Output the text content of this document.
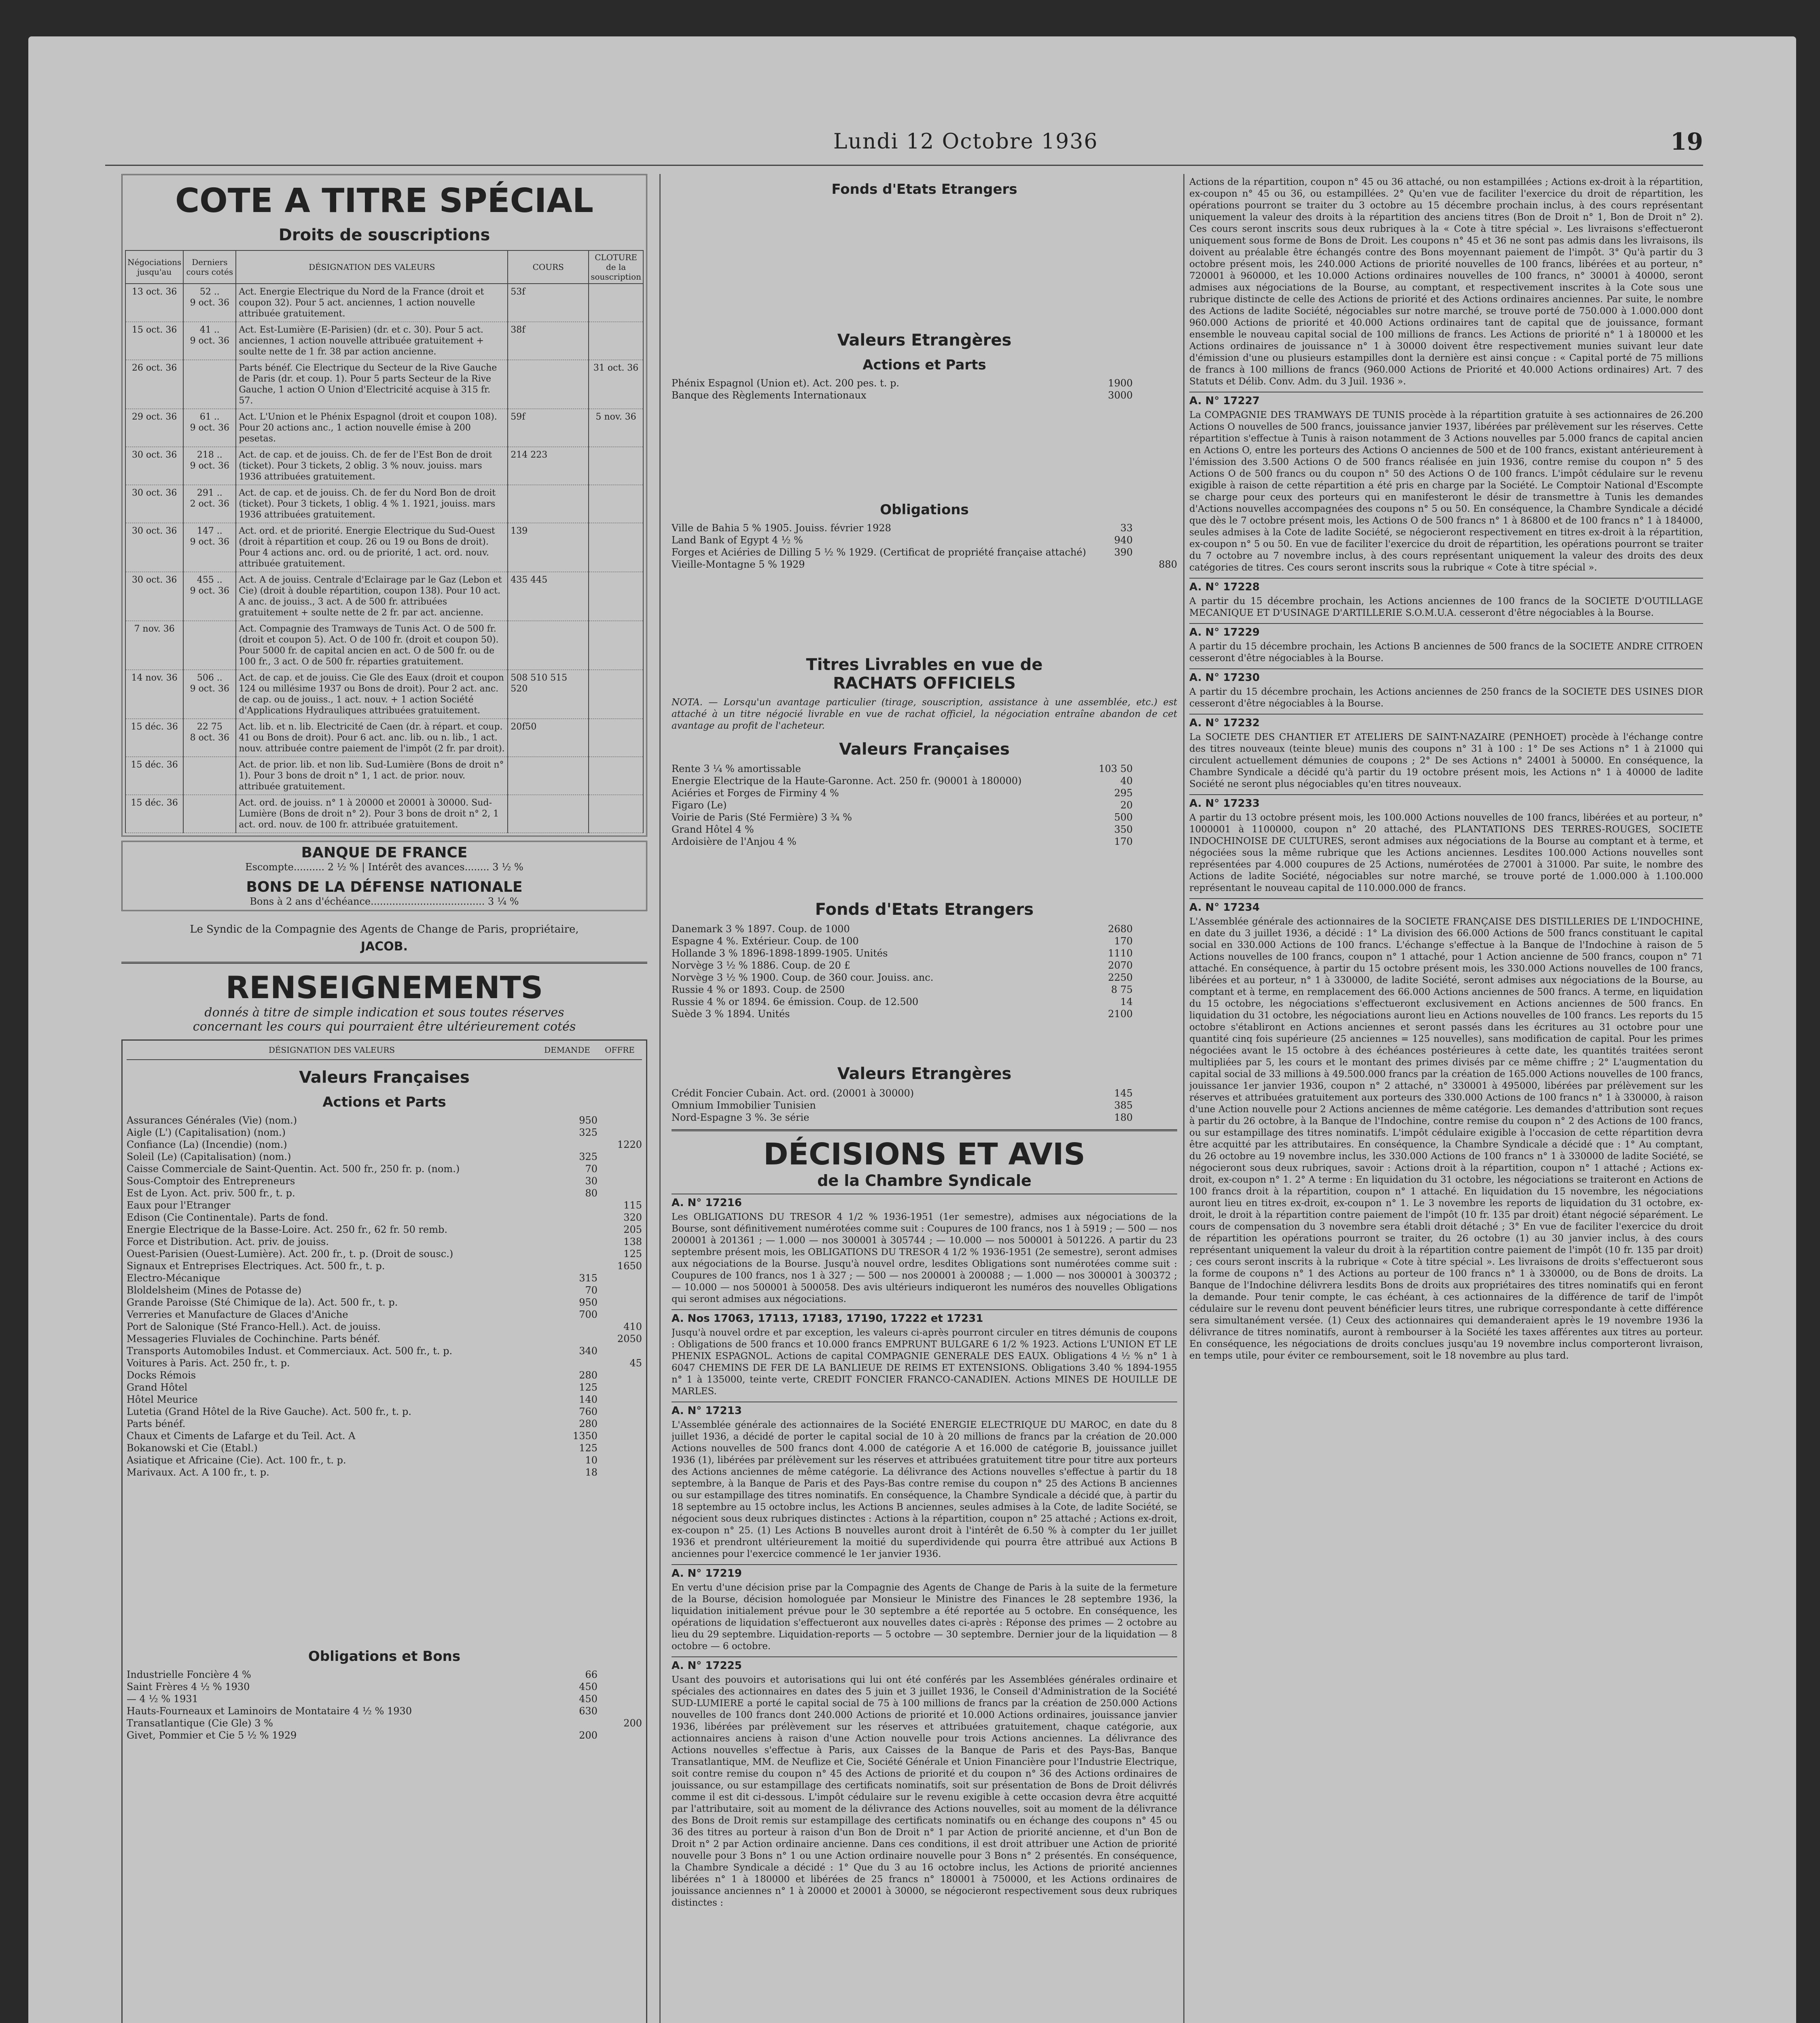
Lundi 12 Octobre 1936	19
COTE A TITRE SPÉCIAL
Droits de souscriptions
Négociations jusqu'au	Derniers cours cotés	DÉSIGNATION DES VALEURS	COURS	CLOTURE de la souscription
13 oct. 36	52 ..
9 oct. 36	Act. Energie Electrique du Nord de la France (droit et coupon 32). Pour 5 act. anciennes, 1 action nouvelle attribuée gratuitement.	53f	
15 oct. 36	41 ..
9 oct. 36	Act. Est-Lumière (E-Parisien) (dr. et c. 30). Pour 5 act. anciennes, 1 action nouvelle attribuée gratuitement + soulte nette de 1 fr. 38 par action ancienne.	38f	
26 oct. 36		Parts bénéf. Cie Electrique du Secteur de la Rive Gauche de Paris (dr. et coup. 1). Pour 5 parts Secteur de la Rive Gauche, 1 action O Union d'Electricité acquise à 315 fr. 57.		31 oct. 36
29 oct. 36	61 ..
9 oct. 36	Act. L'Union et le Phénix Espagnol (droit et coupon 108). Pour 20 actions anc., 1 action nouvelle émise à 200 pesetas.	59f	5 nov. 36
30 oct. 36	218 ..
9 oct. 36	Act. de cap. et de jouiss. Ch. de fer de l'Est Bon de droit (ticket). Pour 3 tickets, 2 oblig. 3 % nouv. jouiss. mars 1936 attribuées gratuitement.	214 223	
30 oct. 36	291 ..
2 oct. 36	Act. de cap. et de jouiss. Ch. de fer du Nord Bon de droit (ticket). Pour 3 tickets, 1 oblig. 4 % 1. 1921, jouiss. mars 1936 attribuées gratuitement.		
30 oct. 36	147 ..
9 oct. 36	Act. ord. et de priorité. Energie Electrique du Sud-Ouest (droit à répartition et coup. 26 ou 19 ou Bons de droit). Pour 4 actions anc. ord. ou de priorité, 1 act. ord. nouv. attribuée gratuitement.	139	
30 oct. 36	455 ..
9 oct. 36	Act. A de jouiss. Centrale d'Eclairage par le Gaz (Lebon et Cie) (droit à double répartition, coupon 138). Pour 10 act. A anc. de jouiss., 3 act. A de 500 fr. attribuées gratuitement + soulte nette de 2 fr. par act. ancienne.	435 445	
7 nov. 36		Act. Compagnie des Tramways de Tunis Act. O de 500 fr. (droit et coupon 5). Act. O de 100 fr. (droit et coupon 50). Pour 5000 fr. de capital ancien en act. O de 500 fr. ou de 100 fr., 3 act. O de 500 fr. réparties gratuitement.		
14 nov. 36	506 ..
9 oct. 36	Act. de cap. et de jouiss. Cie Gle des Eaux (droit et coupon 124 ou millésime 1937 ou Bons de droit). Pour 2 act. anc. de cap. ou de jouiss., 1 act. nouv. + 1 action Société d'Applications Hydrauliques attribuées gratuitement.	508 510 515 520	
15 déc. 36	22 75
8 oct. 36	Act. lib. et n. lib. Electricité de Caen (dr. à répart. et coup. 41 ou Bons de droit). Pour 6 act. anc. lib. ou n. lib., 1 act. nouv. attribuée contre paiement de l'impôt (2 fr. par droit).	20f50	
15 déc. 36		Act. de prior. lib. et non lib. Sud-Lumière (Bons de droit n° 1). Pour 3 bons de droit n° 1, 1 act. de prior. nouv. attribuée gratuitement.		
15 déc. 36		Act. ord. de jouiss. n° 1 à 20000 et 20001 à 30000. Sud-Lumière (Bons de droit n° 2). Pour 3 bons de droit n° 2, 1 act. ord. nouv. de 100 fr. attribuée gratuitement.		
BANQUE DE FRANCE
Escompte.......... 2 ½ % | Intérêt des avances........ 3 ½ %
BONS DE LA DÉFENSE NATIONALE
Bons à 2 ans d'échéance..................................... 3 ¼ %
Le Syndic de la Compagnie des Agents de Change de Paris, propriétaire,
JACOB.
RENSEIGNEMENTS
donnés à titre de simple indication et sous toutes réserves
concernant les cours qui pourraient être ultérieurement cotés
DÉSIGNATION DES VALEURS	DEMANDE	OFFRE
Valeurs Françaises
Actions et Parts
Assurances Générales (Vie) (nom.)	950
Aigle (L') (Capitalisation) (nom.)	325
Confiance (La) (Incendie) (nom.)	1220
Soleil (Le) (Capitalisation) (nom.)	325
Caisse Commerciale de Saint-Quentin. Act. 500 fr., 250 fr. p. (nom.)	70
Sous-Comptoir des Entrepreneurs	30
Est de Lyon. Act. priv. 500 fr., t. p.	80
Eaux pour l'Etranger	115
Edison (Cie Continentale). Parts de fond.	320
Energie Electrique de la Basse-Loire. Act. 250 fr., 62 fr. 50 remb.	205
Force et Distribution. Act. priv. de jouiss.	138
Ouest-Parisien (Ouest-Lumière). Act. 200 fr., t. p. (Droit de sousc.)	125
Signaux et Entreprises Electriques. Act. 500 fr., t. p.	1650
Electro-Mécanique	315
Bloldelsheim (Mines de Potasse de)	70
Grande Paroisse (Sté Chimique de la). Act. 500 fr., t. p.	950
Verreries et Manufacture de Glaces d'Aniche	700
Port de Salonique (Sté Franco-Hell.). Act. de jouiss.	410
Messageries Fluviales de Cochinchine. Parts bénéf.	2050
Transports Automobiles Indust. et Commerciaux. Act. 500 fr., t. p.	340
Voitures à Paris. Act. 250 fr., t. p.	45
Docks Rémois	280
Grand Hôtel	125
Hôtel Meurice	140
Lutetia (Grand Hôtel de la Rive Gauche). Act. 500 fr., t. p.	760
Parts bénéf.	280
Chaux et Ciments de Lafarge et du Teil. Act. A	1350
Bokanowski et Cie (Etabl.)	125
Asiatique et Africaine (Cie). Act. 100 fr., t. p.	10
Marivaux. Act. A 100 fr., t. p.	18
Obligations et Bons
Industrielle Foncière 4 %	66
Saint Frères 4 ½ % 1930	450
— 4 ½ % 1931	450
Hauts-Fourneaux et Laminoirs de Montataire 4 ½ % 1930	630
Transatlantique (Cie Gle) 3 %	200
Givet, Pommier et Cie 5 ½ % 1929	200
Fonds d'Etats Etrangers
Valeurs Etrangères
Actions et Parts
Phénix Espagnol (Union et). Act. 200 pes. t. p.	1900
Banque des Règlements Internationaux	3000
Obligations
Ville de Bahia 5 % 1905. Jouiss. février 1928	33
Land Bank of Egypt 4 ½ %	940
Forges et Aciéries de Dilling 5 ½ % 1929. (Certificat de propriété française attaché)	390
Vieille-Montagne 5 % 1929	880
Titres Livrables en vue de
RACHATS OFFICIELS
NOTA. — Lorsqu'un avantage particulier (tirage, souscription, assistance à une assemblée, etc.) est attaché à un titre négocié livrable en vue de rachat officiel, la négociation entraîne abandon de cet avantage au profit de l'acheteur.
Valeurs Françaises
Rente 3 ¼ % amortissable	103 50
Energie Electrique de la Haute-Garonne. Act. 250 fr. (90001 à 180000)	40
Aciéries et Forges de Firminy 4 %	295
Figaro (Le)	20
Voirie de Paris (Sté Fermière) 3 ¾ %	500
Grand Hôtel 4 %	350
Ardoisière de l'Anjou 4 %	170
Fonds d'Etats Etrangers
Danemark 3 % 1897. Coup. de 1000	2680
Espagne 4 %. Extérieur. Coup. de 100	170
Hollande 3 % 1896-1898-1899-1905. Unités	1110
Norvège 3 ½ % 1886. Coup. de 20 £	2070
Norvège 3 ½ % 1900. Coup. de 360 cour. Jouiss. anc.	2250
Russie 4 % or 1893. Coup. de 2500	8 75
Russie 4 % or 1894. 6e émission. Coup. de 12.500	14
Suède 3 % 1894. Unités	2100
Valeurs Etrangères
Crédit Foncier Cubain. Act. ord. (20001 à 30000)	145
Omnium Immobilier Tunisien	385
Nord-Espagne 3 %. 3e série	180
DÉCISIONS ET AVIS
de la Chambre Syndicale
A. N° 17216
Les OBLIGATIONS DU TRESOR 4 1/2 % 1936-1951 (1er semestre), admises aux négociations de la Bourse, sont définitivement numérotées comme suit : Coupures de 100 francs, nos 1 à 5919 ; — 500 — nos 200001 à 201361 ; — 1.000 — nos 300001 à 305744 ; — 10.000 — nos 500001 à 501226. A partir du 23 septembre présent mois, les OBLIGATIONS DU TRESOR 4 1/2 % 1936-1951 (2e semestre), seront admises aux négociations de la Bourse. Jusqu'à nouvel ordre, lesdites Obligations sont numérotées comme suit : Coupures de 100 francs, nos 1 à 327 ; — 500 — nos 200001 à 200088 ; — 1.000 — nos 300001 à 300372 ; — 10.000 — nos 500001 à 500058. Des avis ultérieurs indiqueront les numéros des nouvelles Obligations qui seront admises aux négociations.
A. Nos 17063, 17113, 17183, 17190, 17222 et 17231
Jusqu'à nouvel ordre et par exception, les valeurs ci-après pourront circuler en titres démunis de coupons : Obligations de 500 francs et 10.000 francs EMPRUNT BULGARE 6 1/2 % 1923. Actions L'UNION ET LE PHENIX ESPAGNOL. Actions de capital COMPAGNIE GENERALE DES EAUX. Obligations 4 ½ % n° 1 à 6047 CHEMINS DE FER DE LA BANLIEUE DE REIMS ET EXTENSIONS. Obligations 3.40 % 1894-1955 n° 1 à 135000, teinte verte, CREDIT FONCIER FRANCO-CANADIEN. Actions MINES DE HOUILLE DE MARLES.
A. N° 17213
L'Assemblée générale des actionnaires de la Société ENERGIE ELECTRIQUE DU MAROC, en date du 8 juillet 1936, a décidé de porter le capital social de 10 à 20 millions de francs par la création de 20.000 Actions nouvelles de 500 francs dont 4.000 de catégorie A et 16.000 de catégorie B, jouissance juillet 1936 (1), libérées par prélèvement sur les réserves et attribuées gratuitement titre pour titre aux porteurs des Actions anciennes de même catégorie. La délivrance des Actions nouvelles s'effectue à partir du 18 septembre, à la Banque de Paris et des Pays-Bas contre remise du coupon n° 25 des Actions B anciennes ou sur estampillage des titres nominatifs. En conséquence, la Chambre Syndicale a décidé que, à partir du 18 septembre au 15 octobre inclus, les Actions B anciennes, seules admises à la Cote, de ladite Société, se négocient sous deux rubriques distinctes : Actions à la répartition, coupon n° 25 attaché ; Actions ex-droit, ex-coupon n° 25. (1) Les Actions B nouvelles auront droit à l'intérêt de 6.50 % à compter du 1er juillet 1936 et prendront ultérieurement la moitié du superdividende qui pourra être attribué aux Actions B anciennes pour l'exercice commencé le 1er janvier 1936.
A. N° 17219
En vertu d'une décision prise par la Compagnie des Agents de Change de Paris à la suite de la fermeture de la Bourse, décision homologuée par Monsieur le Ministre des Finances le 28 septembre 1936, la liquidation initialement prévue pour le 30 septembre a été reportée au 5 octobre. En conséquence, les opérations de liquidation s'effectueront aux nouvelles dates ci-après : Réponse des primes — 2 octobre au lieu du 29 septembre. Liquidation-reports — 5 octobre — 30 septembre. Dernier jour de la liquidation — 8 octobre — 6 octobre.
A. N° 17225
Usant des pouvoirs et autorisations qui lui ont été conférés par les Assemblées générales ordinaire et spéciales des actionnaires en dates des 5 juin et 3 juillet 1936, le Conseil d'Administration de la Société SUD-LUMIERE a porté le capital social de 75 à 100 millions de francs par la création de 250.000 Actions nouvelles de 100 francs dont 240.000 Actions de priorité et 10.000 Actions ordinaires, jouissance janvier 1936, libérées par prélèvement sur les réserves et attribuées gratuitement, chaque catégorie, aux actionnaires anciens à raison d'une Action nouvelle pour trois Actions anciennes. La délivrance des Actions nouvelles s'effectue à Paris, aux Caisses de la Banque de Paris et des Pays-Bas, Banque Transatlantique, MM. de Neuflize et Cie, Société Générale et Union Financière pour l'Industrie Electrique, soit contre remise du coupon n° 45 des Actions de priorité et du coupon n° 36 des Actions ordinaires de jouissance, ou sur estampillage des certificats nominatifs, soit sur présentation de Bons de Droit délivrés comme il est dit ci-dessous. L'impôt cédulaire sur le revenu exigible à cette occasion devra être acquitté par l'attributaire, soit au moment de la délivrance des Actions nouvelles, soit au moment de la délivrance des Bons de Droit remis sur estampillage des certificats nominatifs ou en échange des coupons n° 45 ou 36 des titres au porteur à raison d'un Bon de Droit n° 1 par Action de priorité ancienne, et d'un Bon de Droit n° 2 par Action ordinaire ancienne. Dans ces conditions, il est droit attribuer une Action de priorité nouvelle pour 3 Bons n° 1 ou une Action ordinaire nouvelle pour 3 Bons n° 2 présentés. En conséquence, la Chambre Syndicale a décidé : 1° Que du 3 au 16 octobre inclus, les Actions de priorité anciennes libérées n° 1 à 180000 et libérées de 25 francs n° 180001 à 750000, et les Actions ordinaires de jouissance anciennes n° 1 à 20000 et 20001 à 30000, se négocieront respectivement sous deux rubriques distinctes :
Actions de la répartition, coupon n° 45 ou 36 attaché, ou non estampillées ; Actions ex-droit à la répartition, ex-coupon n° 45 ou 36, ou estampillées. 2° Qu'en vue de faciliter l'exercice du droit de répartition, les opérations pourront se traiter du 3 octobre au 15 décembre prochain inclus, à des cours représentant uniquement la valeur des droits à la répartition des anciens titres (Bon de Droit n° 1, Bon de Droit n° 2). Ces cours seront inscrits sous deux rubriques à la « Cote à titre spécial ». Les livraisons s'effectueront uniquement sous forme de Bons de Droit. Les coupons n° 45 et 36 ne sont pas admis dans les livraisons, ils doivent au préalable être échangés contre des Bons moyennant paiement de l'impôt. 3° Qu'à partir du 3 octobre présent mois, les 240.000 Actions de priorité nouvelles de 100 francs, libérées et au porteur, n° 720001 à 960000, et les 10.000 Actions ordinaires nouvelles de 100 francs, n° 30001 à 40000, seront admises aux négociations de la Bourse, au comptant, et respectivement inscrites à la Cote sous une rubrique distincte de celle des Actions de priorité et des Actions ordinaires anciennes. Par suite, le nombre des Actions de ladite Société, négociables sur notre marché, se trouve porté de 750.000 à 1.000.000 dont 960.000 Actions de priorité et 40.000 Actions ordinaires tant de capital que de jouissance, formant ensemble le nouveau capital social de 100 millions de francs. Les Actions de priorité n° 1 à 180000 et les Actions ordinaires de jouissance n° 1 à 30000 doivent être respectivement munies suivant leur date d'émission d'une ou plusieurs estampilles dont la dernière est ainsi conçue : « Capital porté de 75 millions de francs à 100 millions de francs (960.000 Actions de Priorité et 40.000 Actions ordinaires) Art. 7 des Statuts et Délib. Conv. Adm. du 3 Juil. 1936 ».
A. N° 17227
La COMPAGNIE DES TRAMWAYS DE TUNIS procède à la répartition gratuite à ses actionnaires de 26.200 Actions O nouvelles de 500 francs, jouissance janvier 1937, libérées par prélèvement sur les réserves. Cette répartition s'effectue à Tunis à raison notamment de 3 Actions nouvelles par 5.000 francs de capital ancien en Actions O, entre les porteurs des Actions O anciennes de 500 et de 100 francs, existant antérieurement à l'émission des 3.500 Actions O de 500 francs réalisée en juin 1936, contre remise du coupon n° 5 des Actions O de 500 francs ou du coupon n° 50 des Actions O de 100 francs. L'impôt cédulaire sur le revenu exigible à raison de cette répartition a été pris en charge par la Société. Le Comptoir National d'Escompte se charge pour ceux des porteurs qui en manifesteront le désir de transmettre à Tunis les demandes d'Actions nouvelles accompagnées des coupons n° 5 ou 50. En conséquence, la Chambre Syndicale a décidé que dès le 7 octobre présent mois, les Actions O de 500 francs n° 1 à 86800 et de 100 francs n° 1 à 184000, seules admises à la Cote de ladite Société, se négocieront respectivement en titres ex-droit à la répartition, ex-coupon n° 5 ou 50. En vue de faciliter l'exercice du droit de répartition, les opérations pourront se traiter du 7 octobre au 7 novembre inclus, à des cours représentant uniquement la valeur des droits des deux catégories de titres. Ces cours seront inscrits sous la rubrique « Cote à titre spécial ».
A. N° 17228
A partir du 15 décembre prochain, les Actions anciennes de 100 francs de la SOCIETE D'OUTILLAGE MECANIQUE ET D'USINAGE D'ARTILLERIE S.O.M.U.A. cesseront d'être négociables à la Bourse.
A. N° 17229
A partir du 15 décembre prochain, les Actions B anciennes de 500 francs de la SOCIETE ANDRE CITROEN cesseront d'être négociables à la Bourse.
A. N° 17230
A partir du 15 décembre prochain, les Actions anciennes de 250 francs de la SOCIETE DES USINES DIOR cesseront d'être négociables à la Bourse.
A. N° 17232
La SOCIETE DES CHANTIER ET ATELIERS DE SAINT-NAZAIRE (PENHOET) procède à l'échange contre des titres nouveaux (teinte bleue) munis des coupons n° 31 à 100 : 1° De ses Actions n° 1 à 21000 qui circulent actuellement démunies de coupons ; 2° De ses Actions n° 24001 à 50000. En conséquence, la Chambre Syndicale a décidé qu'à partir du 19 octobre présent mois, les Actions n° 1 à 40000 de ladite Société ne seront plus négociables qu'en titres nouveaux.
A. N° 17233
A partir du 13 octobre présent mois, les 100.000 Actions nouvelles de 100 francs, libérées et au porteur, n° 1000001 à 1100000, coupon n° 20 attaché, des PLANTATIONS DES TERRES-ROUGES, SOCIETE INDOCHINOISE DE CULTURES, seront admises aux négociations de la Bourse au comptant et à terme, et négociées sous la même rubrique que les Actions anciennes. Lesdites 100.000 Actions nouvelles sont représentées par 4.000 coupures de 25 Actions, numérotées de 27001 à 31000. Par suite, le nombre des Actions de ladite Société, négociables sur notre marché, se trouve porté de 1.000.000 à 1.100.000 représentant le nouveau capital de 110.000.000 de francs.
A. N° 17234
L'Assemblée générale des actionnaires de la SOCIETE FRANÇAISE DES DISTILLERIES DE L'INDOCHINE, en date du 3 juillet 1936, a décidé : 1° La division des 66.000 Actions de 500 francs constituant le capital social en 330.000 Actions de 100 francs. L'échange s'effectue à la Banque de l'Indochine à raison de 5 Actions nouvelles de 100 francs, coupon n° 1 attaché, pour 1 Action ancienne de 500 francs, coupon n° 71 attaché. En conséquence, à partir du 15 octobre présent mois, les 330.000 Actions nouvelles de 100 francs, libérées et au porteur, n° 1 à 330000, de ladite Société, seront admises aux négociations de la Bourse, au comptant et à terme, en remplacement des 66.000 Actions anciennes de 500 francs. A terme, en liquidation du 15 octobre, les négociations s'effectueront exclusivement en Actions anciennes de 500 francs. En liquidation du 31 octobre, les négociations auront lieu en Actions nouvelles de 100 francs. Les reports du 15 octobre s'établiront en Actions anciennes et seront passés dans les écritures au 31 octobre pour une quantité cinq fois supérieure (25 anciennes = 125 nouvelles), sans modification de capital. Pour les primes négociées avant le 15 octobre à des échéances postérieures à cette date, les quantités traitées seront multipliées par 5, les cours et le montant des primes divisés par ce même chiffre ; 2° L'augmentation du capital social de 33 millions à 49.500.000 francs par la création de 165.000 Actions nouvelles de 100 francs, jouissance 1er janvier 1936, coupon n° 2 attaché, n° 330001 à 495000, libérées par prélèvement sur les réserves et attribuées gratuitement aux porteurs des 330.000 Actions de 100 francs n° 1 à 330000, à raison d'une Action nouvelle pour 2 Actions anciennes de même catégorie. Les demandes d'attribution sont reçues à partir du 26 octobre, à la Banque de l'Indochine, contre remise du coupon n° 2 des Actions de 100 francs, ou sur estampillage des titres nominatifs. L'impôt cédulaire exigible à l'occasion de cette répartition devra être acquitté par les attributaires. En conséquence, la Chambre Syndicale a décidé que : 1° Au comptant, du 26 octobre au 19 novembre inclus, les 330.000 Actions de 100 francs n° 1 à 330000 de ladite Société, se négocieront sous deux rubriques, savoir : Actions droit à la répartition, coupon n° 1 attaché ; Actions ex-droit, ex-coupon n° 1. 2° A terme : En liquidation du 31 octobre, les négociations se traiteront en Actions de 100 francs droit à la répartition, coupon n° 1 attaché. En liquidation du 15 novembre, les négociations auront lieu en titres ex-droit, ex-coupon n° 1. Le 3 novembre les reports de liquidation du 31 octobre, ex-droit, le droit à la répartition contre paiement de l'impôt (10 fr. 135 par droit) étant négocié séparément. Le cours de compensation du 3 novembre sera établi droit détaché ; 3° En vue de faciliter l'exercice du droit de répartition les opérations pourront se traiter, du 26 octobre (1) au 30 janvier inclus, à des cours représentant uniquement la valeur du droit à la répartition contre paiement de l'impôt (10 fr. 135 par droit) ; ces cours seront inscrits à la rubrique « Cote à titre spécial ». Les livraisons de droits s'effectueront sous la forme de coupons n° 1 des Actions au porteur de 100 francs n° 1 à 330000, ou de Bons de droits. La Banque de l'Indochine délivrera lesdits Bons de droits aux propriétaires des titres nominatifs qui en feront la demande. Pour tenir compte, le cas échéant, à ces actionnaires de la différence de tarif de l'impôt cédulaire sur le revenu dont peuvent bénéficier leurs titres, une rubrique correspondante à cette différence sera simultanément versée. (1) Ceux des actionnaires qui demanderaient après le 19 novembre 1936 la délivrance de titres nominatifs, auront à rembourser à la Société les taxes afférentes aux titres au porteur. En conséquence, les négociations de droits conclues jusqu'au 19 novembre inclus comporteront livraison, en temps utile, pour éviter ce remboursement, soit le 18 novembre au plus tard.
